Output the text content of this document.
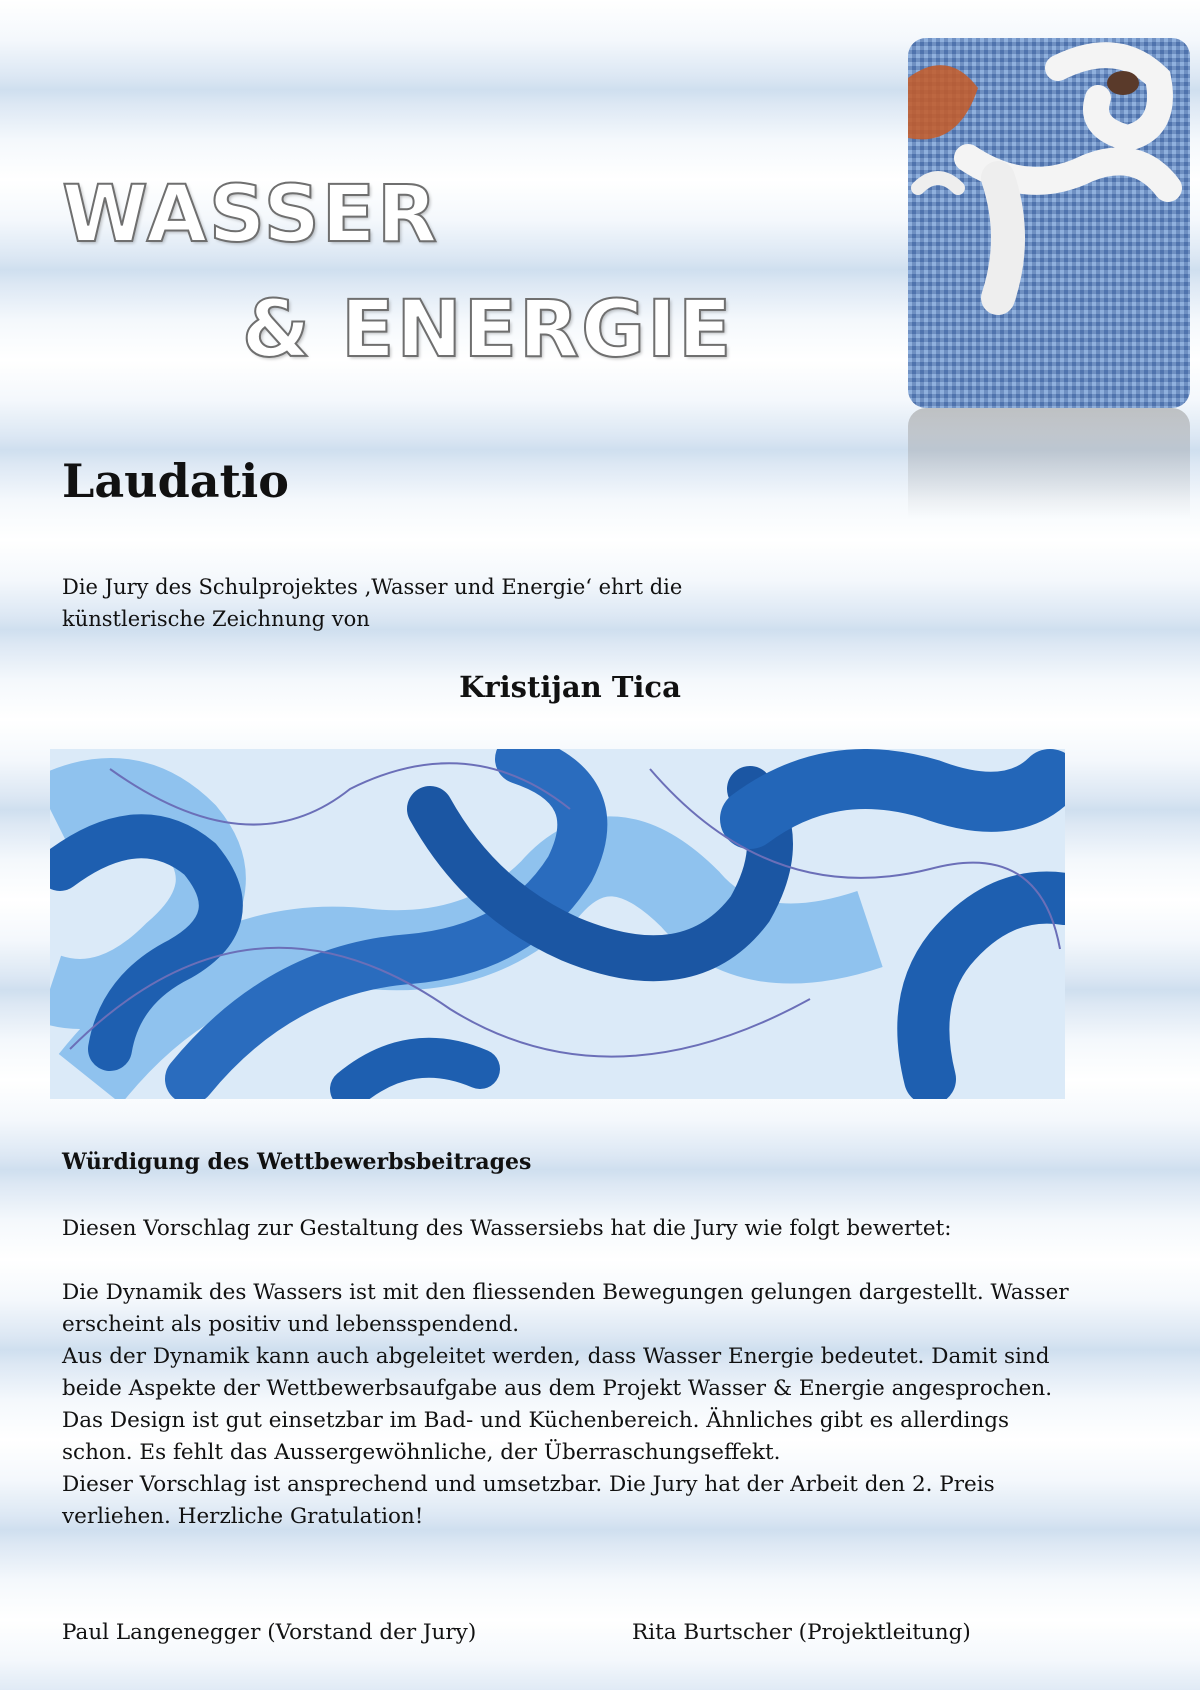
WASSER
& ENERGIE
Laudatio

Die Jury des Schulprojektes ‚Wasser und Energie‘ ehrt die künstlerische Zeichnung von

Kristijan Tica
Würdigung des Wettbewerbsbeitrages

Diesen Vorschlag zur Gestaltung des Wassersiebs hat die Jury wie folgt bewertet:

Die Dynamik des Wassers ist mit den fliessenden Bewegungen gelungen dargestellt. Wasser erscheint als positiv und lebensspendend.
Aus der Dynamik kann auch abgeleitet werden, dass Wasser Energie bedeutet. Damit sind beide Aspekte der Wettbewerbsaufgabe aus dem Projekt Wasser & Energie angesprochen.
Das Design ist gut einsetzbar im Bad- und Küchenbereich. Ähnliches gibt es allerdings schon. Es fehlt das Aussergewöhnliche, der Überraschungseffekt.
Dieser Vorschlag ist ansprechend und umsetzbar. Die Jury hat der Arbeit den 2. Preis verliehen. Herzliche Gratulation!
Paul Langenegger (Vorstand der Jury)	Rita Burtscher (Projektleitung)
